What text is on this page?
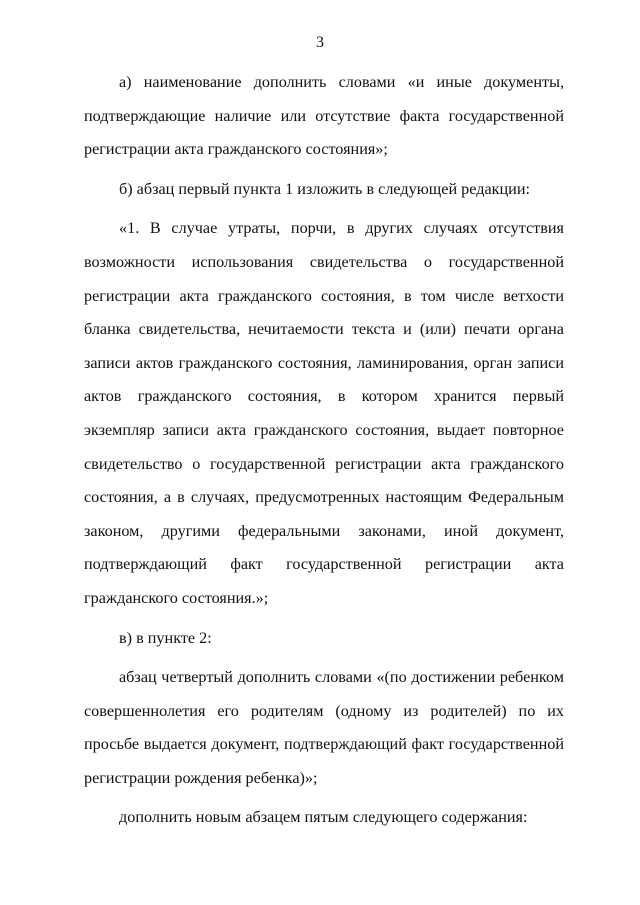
3

а) наименование дополнить словами «и иные документы, подтверждающие наличие или отсутствие факта государственной регистрации акта гражданского состояния»;

б) абзац первый пункта 1 изложить в следующей редакции:

«1. В случае утраты, порчи, в других случаях отсутствия возможности использования свидетельства о государственной регистрации акта гражданского состояния, в том числе ветхости бланка свидетельства, нечитаемости текста и (или) печати органа записи актов гражданского состояния, ламинирования, орган записи актов гражданского состояния, в котором хранится первый экземпляр записи акта гражданского состояния, выдает повторное свидетельство о государственной регистрации акта гражданского состояния, а в случаях, предусмотренных настоящим Федеральным законом, другими федеральными законами, иной документ, подтверждающий факт государственной регистрации акта гражданского состояния.»;

в) в пункте 2:

абзац четвертый дополнить словами «(по достижении ребенком совершеннолетия его родителям (одному из родителей) по их просьбе выдается документ, подтверждающий факт государственной регистрации рождения ребенка)»;

дополнить новым абзацем пятым следующего содержания:
